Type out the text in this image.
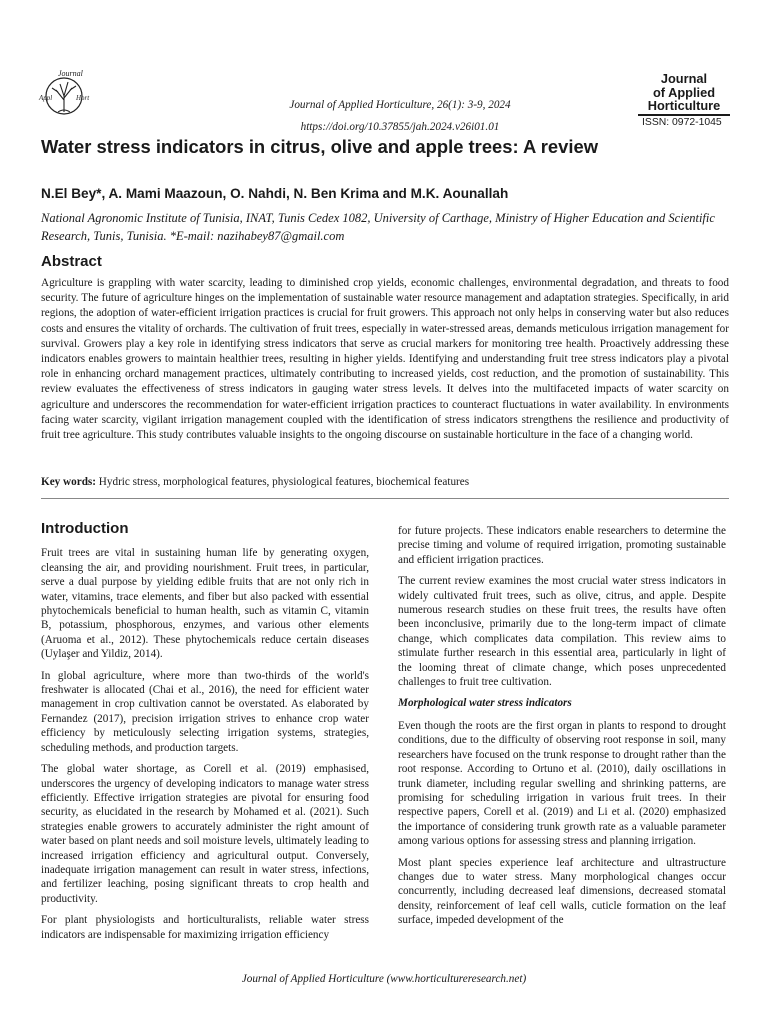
Journal
Appl	Hort
Journal of Applied Horticulture, 26(1): 3-9, 2024
https://doi.org/10.37855/jah.2024.v26i01.01
Journal
of Applied
Horticulture
ISSN: 0972-1045
Water stress indicators in citrus, olive and apple trees: A review
N.El Bey*, A. Mami Maazoun, O. Nahdi, N. Ben Krima and M.K. Aounallah
National Agronomic Institute of Tunisia, INAT, Tunis Cedex 1082, University of Carthage, Ministry of Higher Education and Scientific Research, Tunis, Tunisia. *E-mail: nazihabey87@gmail.com
Abstract

Agriculture is grappling with water scarcity, leading to diminished crop yields, economic challenges, environmental degradation, and threats to food security. The future of agriculture hinges on the implementation of sustainable water resource management and adaptation strategies. Specifically, in arid regions, the adoption of water-efficient irrigation practices is crucial for fruit growers. This approach not only helps in conserving water but also reduces costs and ensures the vitality of orchards. The cultivation of fruit trees, especially in water-stressed areas, demands meticulous irrigation management for survival. Growers play a key role in identifying stress indicators that serve as crucial markers for monitoring tree health. Proactively addressing these indicators enables growers to maintain healthier trees, resulting in higher yields. Identifying and understanding fruit tree stress indicators play a pivotal role in enhancing orchard management practices, ultimately contributing to increased yields, cost reduction, and the promotion of sustainability. This review evaluates the effectiveness of stress indicators in gauging water stress levels. It delves into the multifaceted impacts of water scarcity on agriculture and underscores the recommendation for water-efficient irrigation practices to counteract fluctuations in water availability. In environments facing water scarcity, vigilant irrigation management coupled with the identification of stress indicators strengthens the resilience and productivity of fruit tree agriculture. This study contributes valuable insights to the ongoing discourse on sustainable horticulture in the face of a changing world.

Key words: Hydric stress, morphological features, physiological features, biochemical features
Introduction

Fruit trees are vital in sustaining human life by generating oxygen, cleansing the air, and providing nourishment. Fruit trees, in particular, serve a dual purpose by yielding edible fruits that are not only rich in water, vitamins, trace elements, and fiber but also packed with essential phytochemicals beneficial to human health, such as vitamin C, vitamin B, potassium, phosphorous, enzymes, and various other elements (Aruoma et al., 2012). These phytochemicals reduce certain diseases (Uylaşer and Yildiz, 2014).

In global agriculture, where more than two-thirds of the world's freshwater is allocated (Chai et al., 2016), the need for efficient water management in crop cultivation cannot be overstated. As elaborated by Fernandez (2017), precision irrigation strives to enhance crop water efficiency by meticulously selecting irrigation systems, strategies, scheduling methods, and production targets.

The global water shortage, as Corell et al. (2019) emphasised, underscores the urgency of developing indicators to manage water stress efficiently. Effective irrigation strategies are pivotal for ensuring food security, as elucidated in the research by Mohamed et al. (2021). Such strategies enable growers to accurately administer the right amount of water based on plant needs and soil moisture levels, ultimately leading to increased irrigation efficiency and agricultural output. Conversely, inadequate irrigation management can result in water stress, infections, and fertilizer leaching, posing significant threats to crop health and productivity.

For plant physiologists and horticulturalists, reliable water stress indicators are indispensable for maximizing irrigation efficiency

for future projects. These indicators enable researchers to determine the precise timing and volume of required irrigation, promoting sustainable and efficient irrigation practices.

The current review examines the most crucial water stress indicators in widely cultivated fruit trees, such as olive, citrus, and apple. Despite numerous research studies on these fruit trees, the results have often been inconclusive, primarily due to the long-term impact of climate change, which complicates data compilation. This review aims to stimulate further research in this essential area, particularly in light of the looming threat of climate change, which poses unprecedented challenges to fruit tree cultivation.

Morphological water stress indicators

Even though the roots are the first organ in plants to respond to drought conditions, due to the difficulty of observing root response in soil, many researchers have focused on the trunk response to drought rather than the root response. According to Ortuno et al. (2010), daily oscillations in trunk diameter, including regular swelling and shrinking patterns, are promising for scheduling irrigation in various fruit trees. In their respective papers, Corell et al. (2019) and Li et al. (2020) emphasized the importance of considering trunk growth rate as a valuable parameter among various options for assessing stress and planning irrigation.

Most plant species experience leaf architecture and ultrastructure changes due to water stress. Many morphological changes occur concurrently, including decreased leaf dimensions, decreased stomatal density, reinforcement of leaf cell walls, cuticle formation on the leaf surface, impeded development of the

Journal of Applied Horticulture (www.horticultureresearch.net)
